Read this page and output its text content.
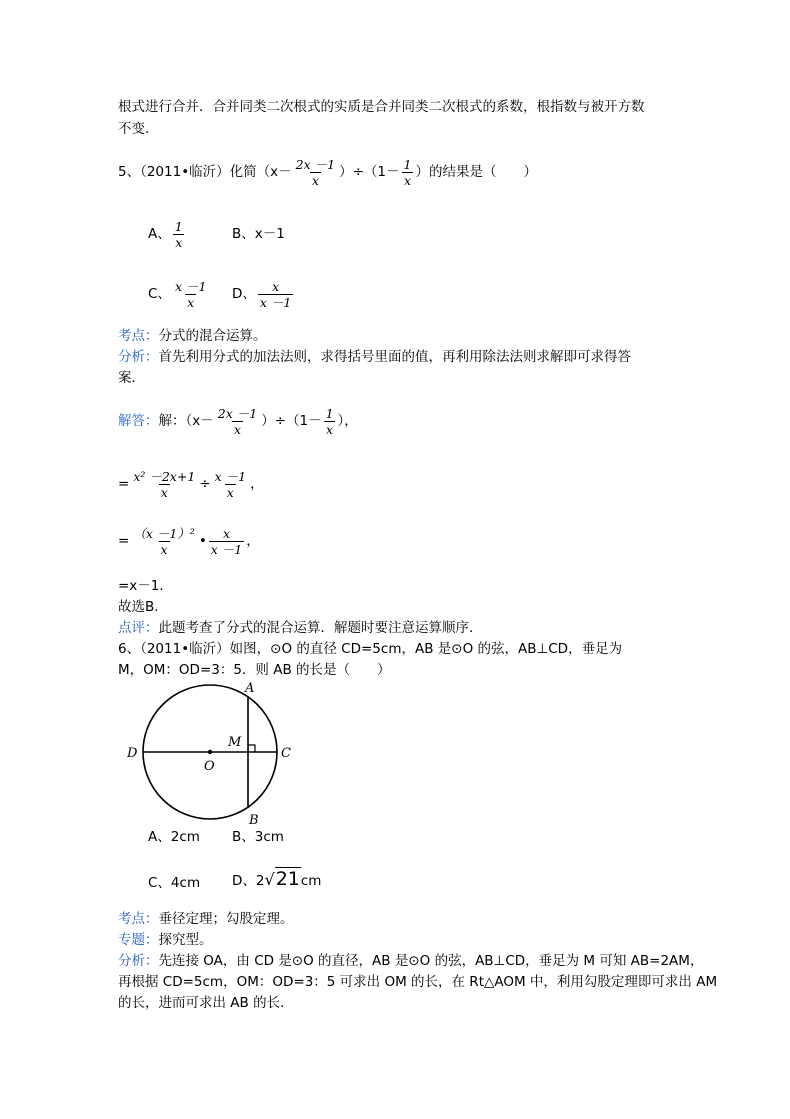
根式进行合并．合并同类二次根式的实质是合并同类二次根式的系数，根指数与被开方数
不变．
5、（2011•临沂）化简$(x- \frac{2x -1}{x} )\div(1- \frac{1}{x}$ ）的结果是（　　）
A、 $\frac{1}{x}$	B、x－1
C、 $\frac{x -1}{x}$ D、 $\frac{x}{x -1}$
考点：分式的混合运算。
分析：首先利用分式的加法法则，求得括号里面的值，再利用除法法则求解即可求得答
案．
解答：解：$(x- \frac{2x -1}{x} )\div(1- \frac{1}{x}$ ），
= $\frac{\text{x² －2x+1}}{x} \div \frac{x -1}{x}$ ，
= $\frac{\text{（x －1）²}}{x}$ • $\frac{x}{x -1}$ ，
=x－1．
故选B．
点评：此题考查了分式的混合运算．解题时要注意运算顺序．
6、（2011•临沂）如图，⊙O 的直径 CD=5cm，AB 是⊙O 的弦，AB⊥CD，垂足为
M，OM：OD=3：5．则 AB 的长是（　　）
A
B
C
D
M
O
A、2cm B、3cm
C、4cm D、2√21cm
考点：垂径定理；勾股定理。
专题：探究型。
分析：先连接 OA，由 CD 是⊙O 的直径，AB 是⊙O 的弦，AB⊥CD，垂足为 M 可知 AB=2AM，
再根据 CD=5cm，OM：OD=3：5 可求出 OM 的长，在 Rt△AOM 中，利用勾股定理即可求出 AM
的长，进而可求出 AB 的长．
